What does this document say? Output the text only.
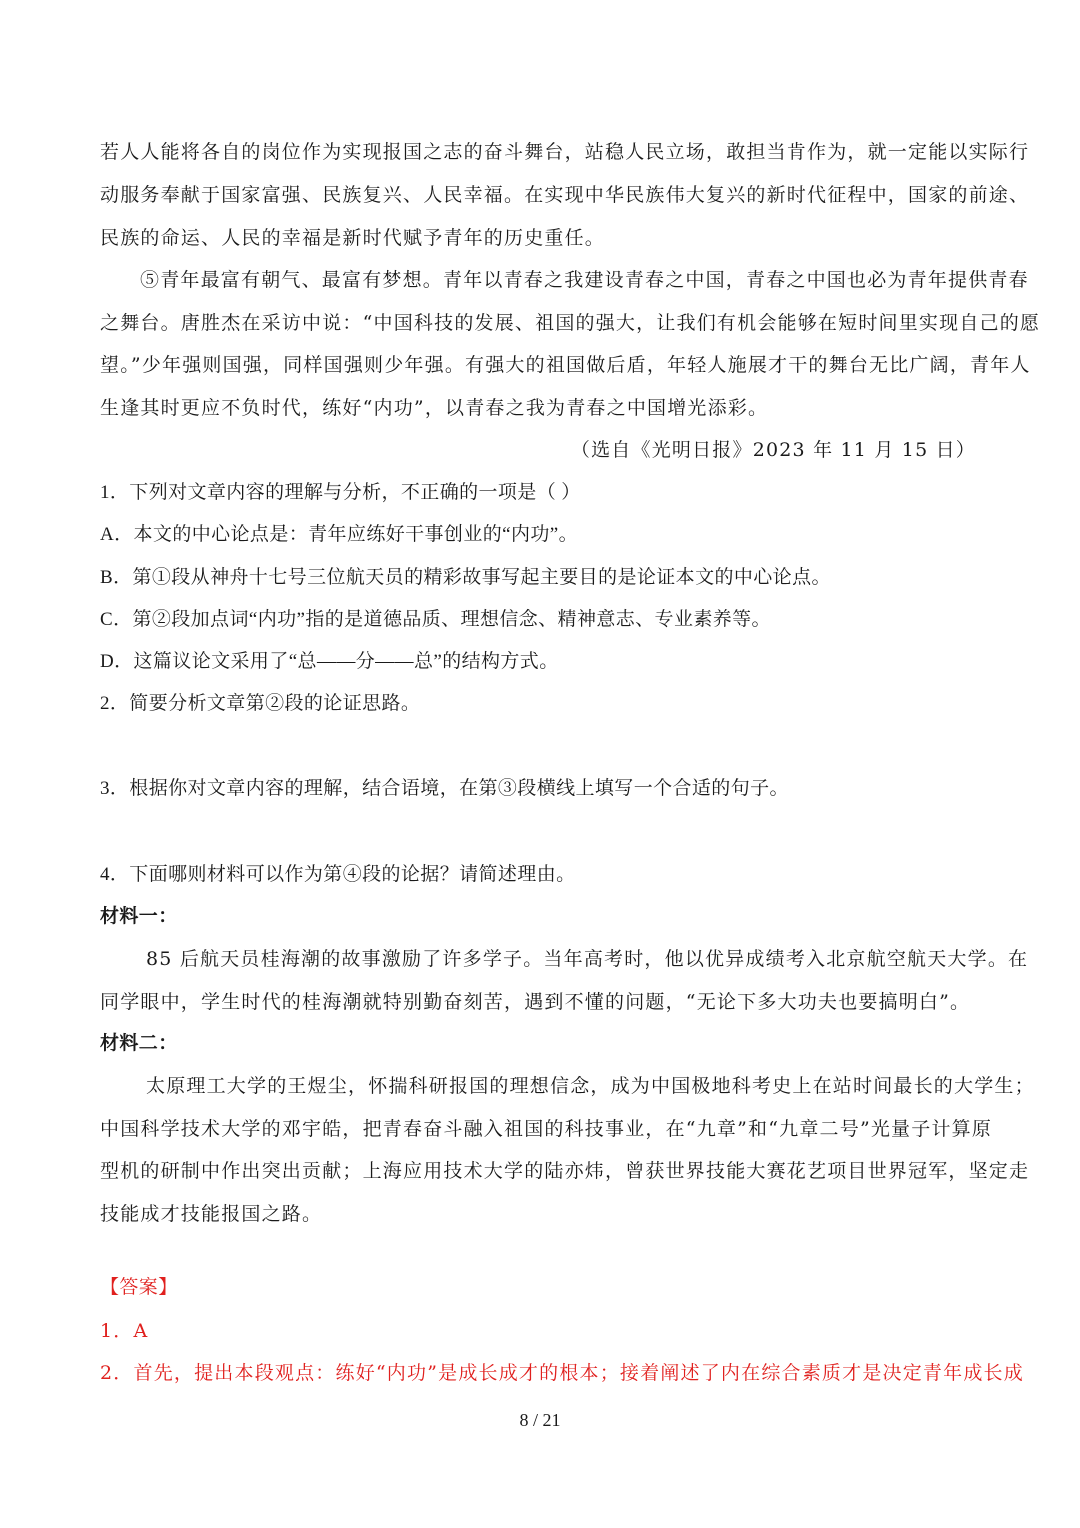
若人人能将各自的岗位作为实现报国之志的奋斗舞台，站稳人民立场，敢担当肯作为，就一定能以实际行
动服务奉献于国家富强、民族复兴、人民幸福。在实现中华民族伟大复兴的新时代征程中，国家的前途、
民族的命运、人民的幸福是新时代赋予青年的历史重任。
⑤青年最富有朝气、最富有梦想。青年以青春之我建设青春之中国，青春之中国也必为青年提供青春
之舞台。唐胜杰在采访中说：“中国科技的发展、祖国的强大，让我们有机会能够在短时间里实现自己的愿
望。”少年强则国强，同样国强则少年强。有强大的祖国做后盾，年轻人施展才干的舞台无比广阔，青年人
生逢其时更应不负时代，练好“内功”，以青春之我为青春之中国增光添彩。
（选自《光明日报》2023 年 11 月 15 日）
1．下列对文章内容的理解与分析，不正确的一项是（ ）
A．本文的中心论点是：青年应练好干事创业的“内功”。
B．第①段从神舟十七号三位航天员的精彩故事写起主要目的是论证本文的中心论点。
C．第②段加点词“内功”指的是道德品质、理想信念、精神意志、专业素养等。
D．这篇议论文采用了“总——分——总”的结构方式。
2．简要分析文章第②段的论证思路。
3．根据你对文章内容的理解，结合语境，在第③段横线上填写一个合适的句子。
4．下面哪则材料可以作为第④段的论据？请简述理由。
材料一：
85 后航天员桂海潮的故事激励了许多学子。当年高考时，他以优异成绩考入北京航空航天大学。在
同学眼中，学生时代的桂海潮就特别勤奋刻苦，遇到不懂的问题，“无论下多大功夫也要搞明白”。
材料二：
太原理工大学的王煜尘，怀揣科研报国的理想信念，成为中国极地科考史上在站时间最长的大学生；
中国科学技术大学的邓宇皓，把青春奋斗融入祖国的科技事业，在“九章”和“九章二号”光量子计算原
型机的研制中作出突出贡献；上海应用技术大学的陆亦炜，曾获世界技能大赛花艺项目世界冠军，坚定走
技能成才技能报国之路。
【答案】
1．A
2．首先，提出本段观点：练好“内功”是成长成才的根本；接着阐述了内在综合素质才是决定青年成长成
8 / 21
